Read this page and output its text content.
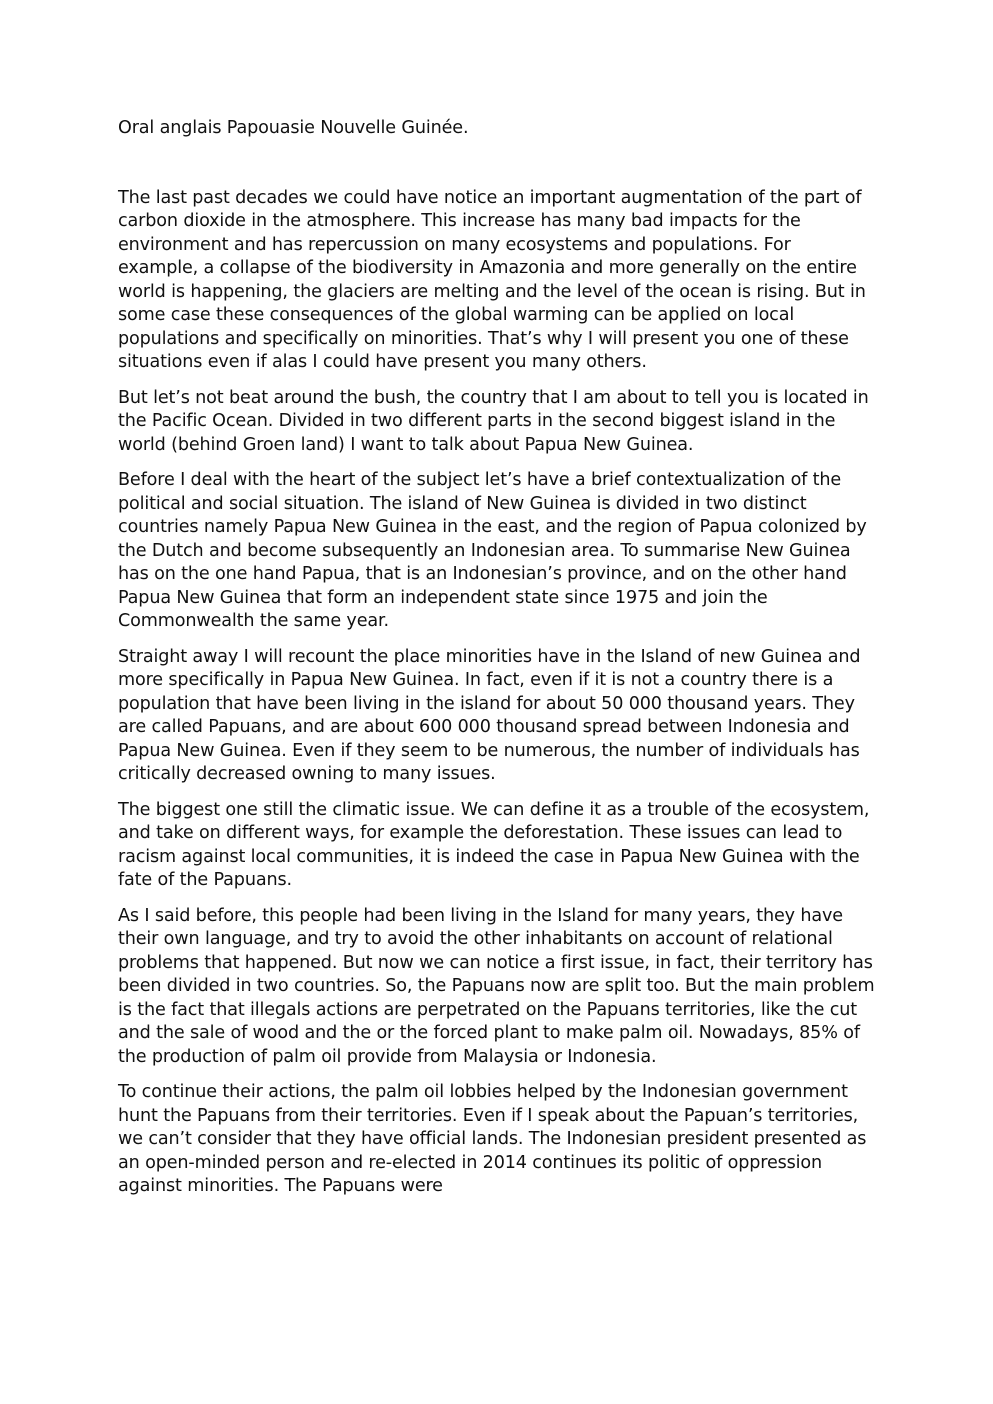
Oral anglais Papouasie Nouvelle Guinée.

The last past decades we could have notice an important augmentation of the part of carbon dioxide in the atmosphere. This increase has many bad impacts for the environment and has repercussion on many ecosystems and populations. For example, a collapse of the biodiversity in Amazonia and more generally on the entire world is happening, the glaciers are melting and the level of the ocean is rising. But in some case these consequences of the global warming can be applied on local populations and specifically on minorities. That’s why I will present you one of these situations even if alas I could have present you many others.

But let’s not beat around the bush, the country that I am about to tell you is located in the Pacific Ocean. Divided in two different parts in the second biggest island in the world (behind Groen land) I want to talk about Papua New Guinea.

Before I deal with the heart of the subject let’s have a brief contextualization of the political and social situation. The island of New Guinea is divided in two distinct countries namely Papua New Guinea in the east, and the region of Papua colonized by the Dutch and become subsequently an Indonesian area. To summarise New Guinea has on the one hand Papua, that is an Indonesian’s province, and on the other hand Papua New Guinea that form an independent state since 1975 and join the Commonwealth the same year.

Straight away I will recount the place minorities have in the Island of new Guinea and more specifically in Papua New Guinea. In fact, even if it is not a country there is a population that have been living in the island for about 50 000 thousand years. They are called Papuans, and are about 600 000 thousand spread between Indonesia and Papua New Guinea. Even if they seem to be numerous, the number of individuals has critically decreased owning to many issues.

The biggest one still the climatic issue. We can define it as a trouble of the ecosystem, and take on different ways, for example the deforestation. These issues can lead to racism against local communities, it is indeed the case in Papua New Guinea with the fate of the Papuans.

As I said before, this people had been living in the Island for many years, they have their own language, and try to avoid the other inhabitants on account of relational problems that happened. But now we can notice a first issue, in fact, their territory has been divided in two countries. So, the Papuans now are split too. But the main problem is the fact that illegals actions are perpetrated on the Papuans territories, like the cut and the sale of wood and the or the forced plant to make palm oil. Nowadays, 85% of the production of palm oil provide from Malaysia or Indonesia.

To continue their actions, the palm oil lobbies helped by the Indonesian government hunt the Papuans from their territories. Even if I speak about the Papuan’s territories, we can’t consider that they have official lands. The Indonesian president presented as an open-minded person and re-elected in 2014 continues its politic of oppression against minorities. The Papuans were
